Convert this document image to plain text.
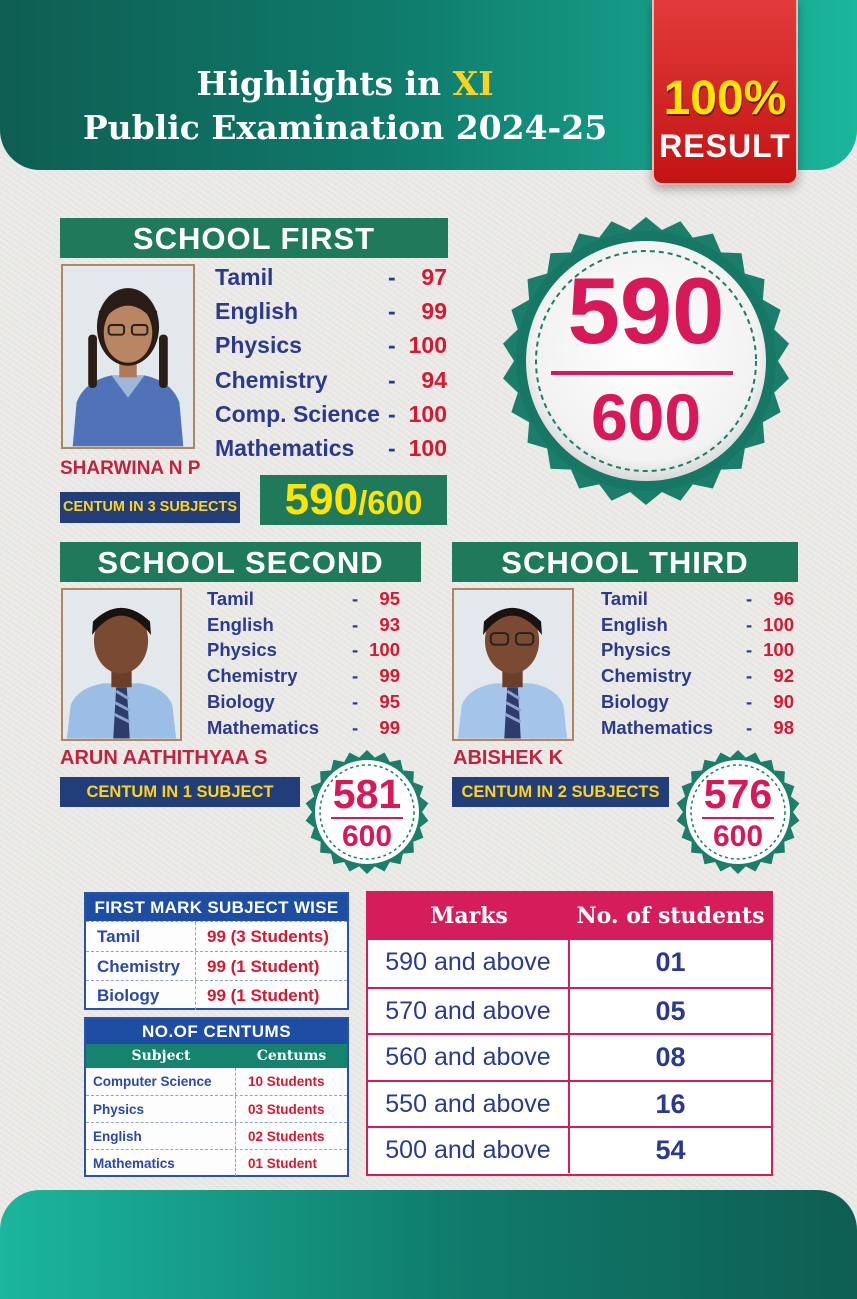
Highlights in XI
Public Examination 2024-25
100%
RESULT
SCHOOL FIRST
Tamil	-	97
English	-	99
Physics	- 100
Chemistry	-	94
Comp. Science - 100
Mathematics - 100
SHARWINA N P
CENTUM IN 3 SUBJECTS	590/600
590
600
SCHOOL SECOND
Tamil	-	95
English	-	93
Physics	- 100
Chemistry	-	99
Biology	-	95
Mathematics -	99
ARUN AATHITHYAA S
CENTUM IN 1 SUBJECT	581
600
SCHOOL THIRD
Tamil	-	96
English	- 100
Physics	- 100
Chemistry	-	92
Biology	-	90
Mathematics -	98
ABISHEK K
CENTUM IN 2 SUBJECTS	576
600
FIRST MARK SUBJECT WISE
Tamil	99 (3 Students)
Chemistry	99 (1 Student)
Biology	99 (1 Student)
NO.OF CENTUMS
Subject	Centums
Computer Science	10 Students
Physics	03 Students
English	02 Students
Mathematics	01 Student
Marks	No. of students
590 and above	01
570 and above	05
560 and above	08
550 and above	16
500 and above	54
